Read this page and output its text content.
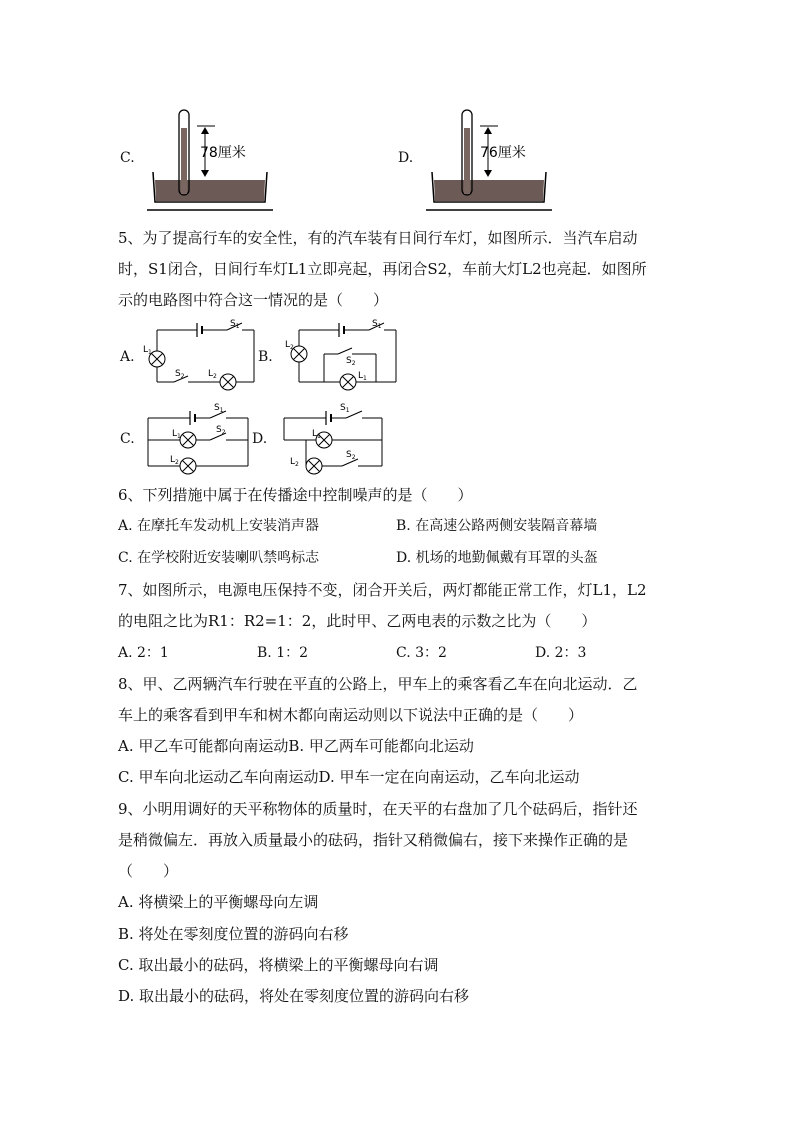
C.	78厘米	D.	76厘米
5、为了提高行车的安全性，有的汽车装有日间行车灯，如图所示．当汽车启动
时，S1闭合，日间行车灯L1立即亮起，再闭合S2，车前大灯L2也亮起．如图所
示的电路图中符合这一情况的是（　　）
A.
$S_1$
$L_1$
$S_2$	$L_2$
B.
$S_1$
$L_2$
$S_2$
$L_1$
C.
$S_1$
$L_1$
$S_2$
$L_2$
D.
$S_1$
$L_1$
$L_2$
$S_2$
6、下列措施中属于在传播途中控制噪声的是（　　）
A. 在摩托车发动机上安装消声器	B. 在高速公路两侧安装隔音幕墙
C. 在学校附近安装喇叭禁鸣标志	D. 机场的地勤佩戴有耳罩的头盔
7、如图所示，电源电压保持不变，闭合开关后，两灯都能正常工作，灯L1，L2
的电阻之比为R1：R2=1：2，此时甲、乙两电表的示数之比为（　　）
A. 2：1	B. 1：2	C. 3：2	D. 2：3
8、甲、乙两辆汽车行驶在平直的公路上，甲车上的乘客看乙车在向北运动．乙
车上的乘客看到甲车和树木都向南运动则以下说法中正确的是（　　）
A. 甲乙车可能都向南运动B. 甲乙两车可能都向北运动
C. 甲车向北运动乙车向南运动D. 甲车一定在向南运动，乙车向北运动
9、小明用调好的天平称物体的质量时，在天平的右盘加了几个砝码后，指针还
是稍微偏左．再放入质量最小的砝码，指针又稍微偏右，接下来操作正确的是
（　　）
A. 将横梁上的平衡螺母向左调
B. 将处在零刻度位置的游码向右移
C. 取出最小的砝码，将横梁上的平衡螺母向右调
D. 取出最小的砝码，将处在零刻度位置的游码向右移
